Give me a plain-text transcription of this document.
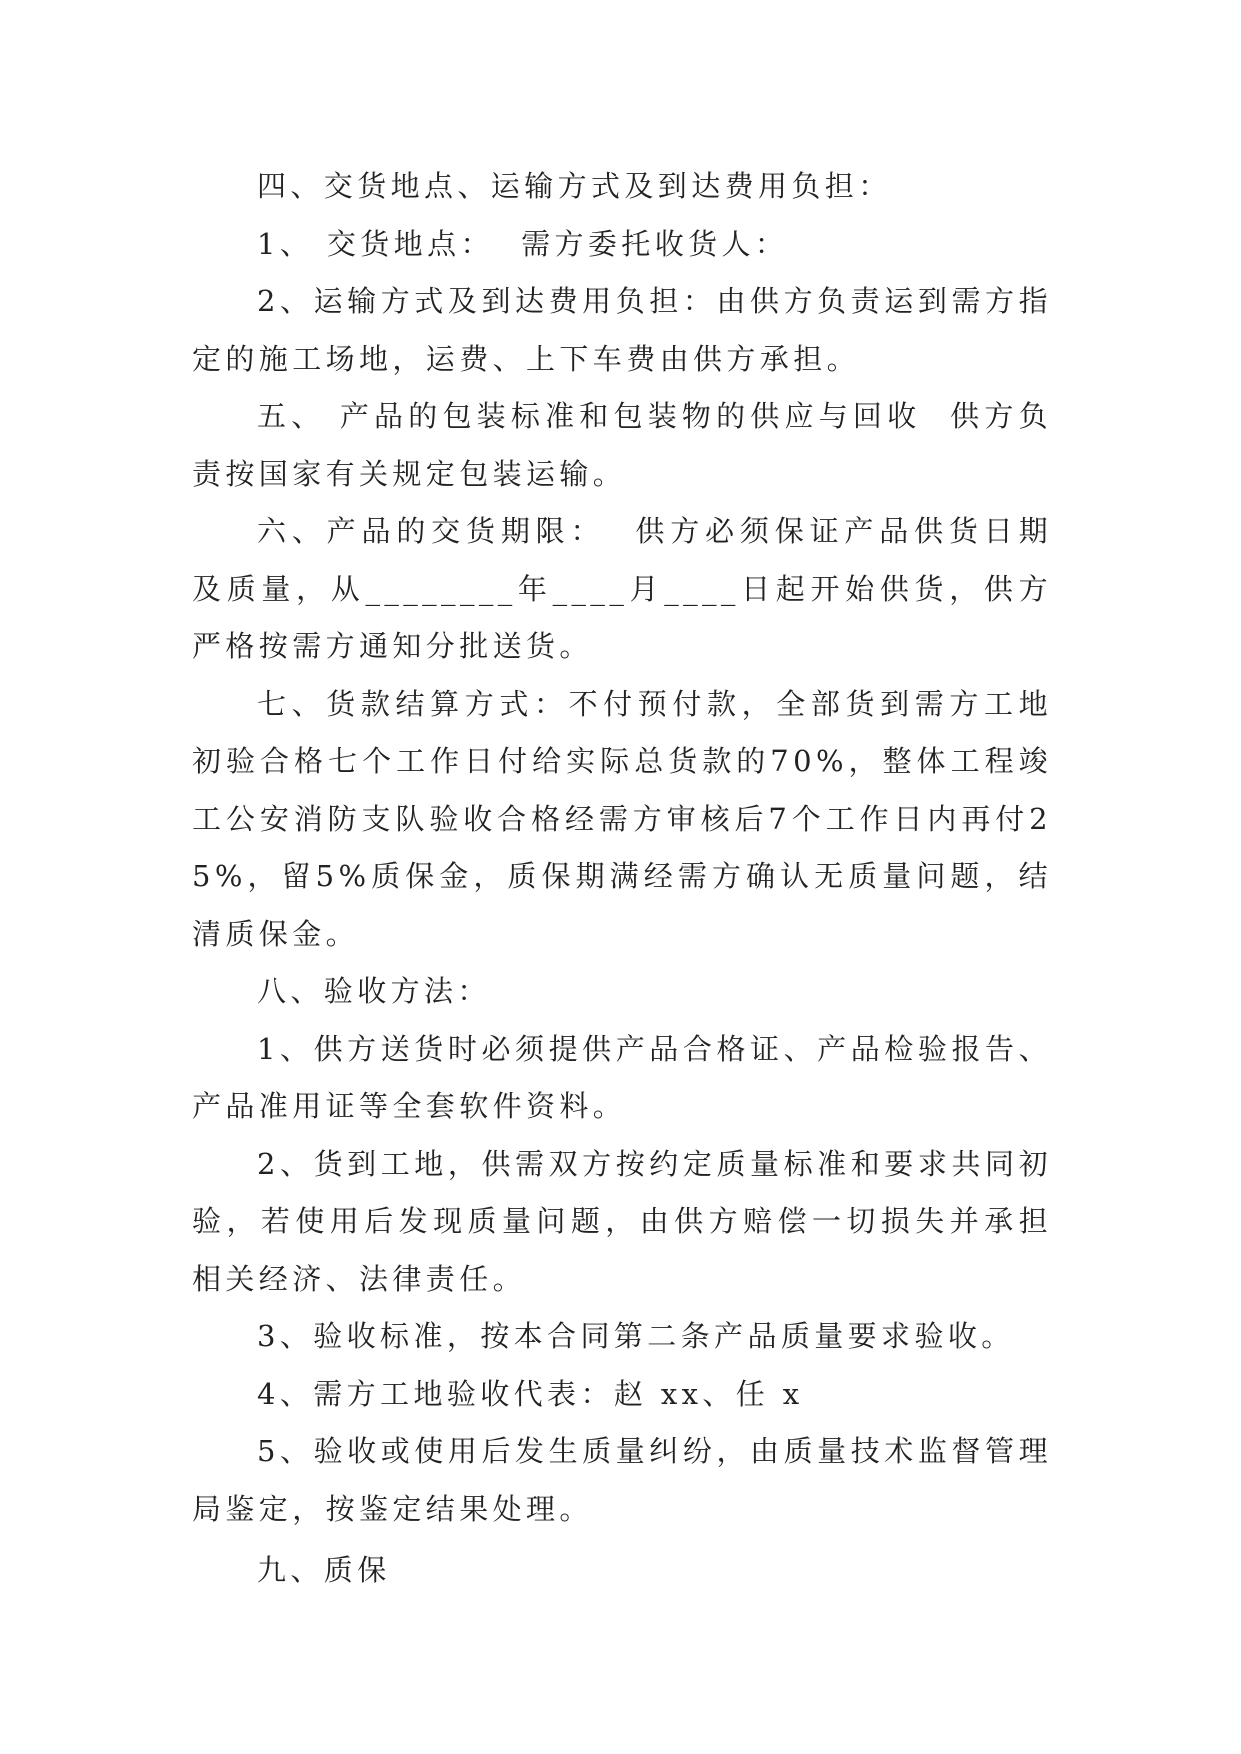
四、交货地点、运输方式及到达费用负担：

1、 交货地点：  需方委托收货人：

2、运输方式及到达费用负担：由供方负责运到需方指定的施工场地，运费、上下车费由供方承担。

五、 产品的包装标准和包装物的供应与回收  供方负责按国家有关规定包装运输。

六、产品的交货期限：  供方必须保证产品供货日期及质量，从________年____月____日起开始供货，供方严格按需方通知分批送货。

七、货款结算方式：不付预付款，全部货到需方工地初验合格七个工作日付给实际总货款的70%，整体工程竣工公安消防支队验收合格经需方审核后7个工作日内再付25%，留5%质保金，质保期满经需方确认无质量问题，结清质保金。

八、验收方法：

1、供方送货时必须提供产品合格证、产品检验报告、产品准用证等全套软件资料。

2、货到工地，供需双方按约定质量标准和要求共同初验，若使用后发现质量问题，由供方赔偿一切损失并承担相关经济、法律责任。

3、验收标准，按本合同第二条产品质量要求验收。

4、需方工地验收代表：赵 xx、任 x

5、验收或使用后发生质量纠纷，由质量技术监督管理局鉴定，按鉴定结果处理。

九、质保
